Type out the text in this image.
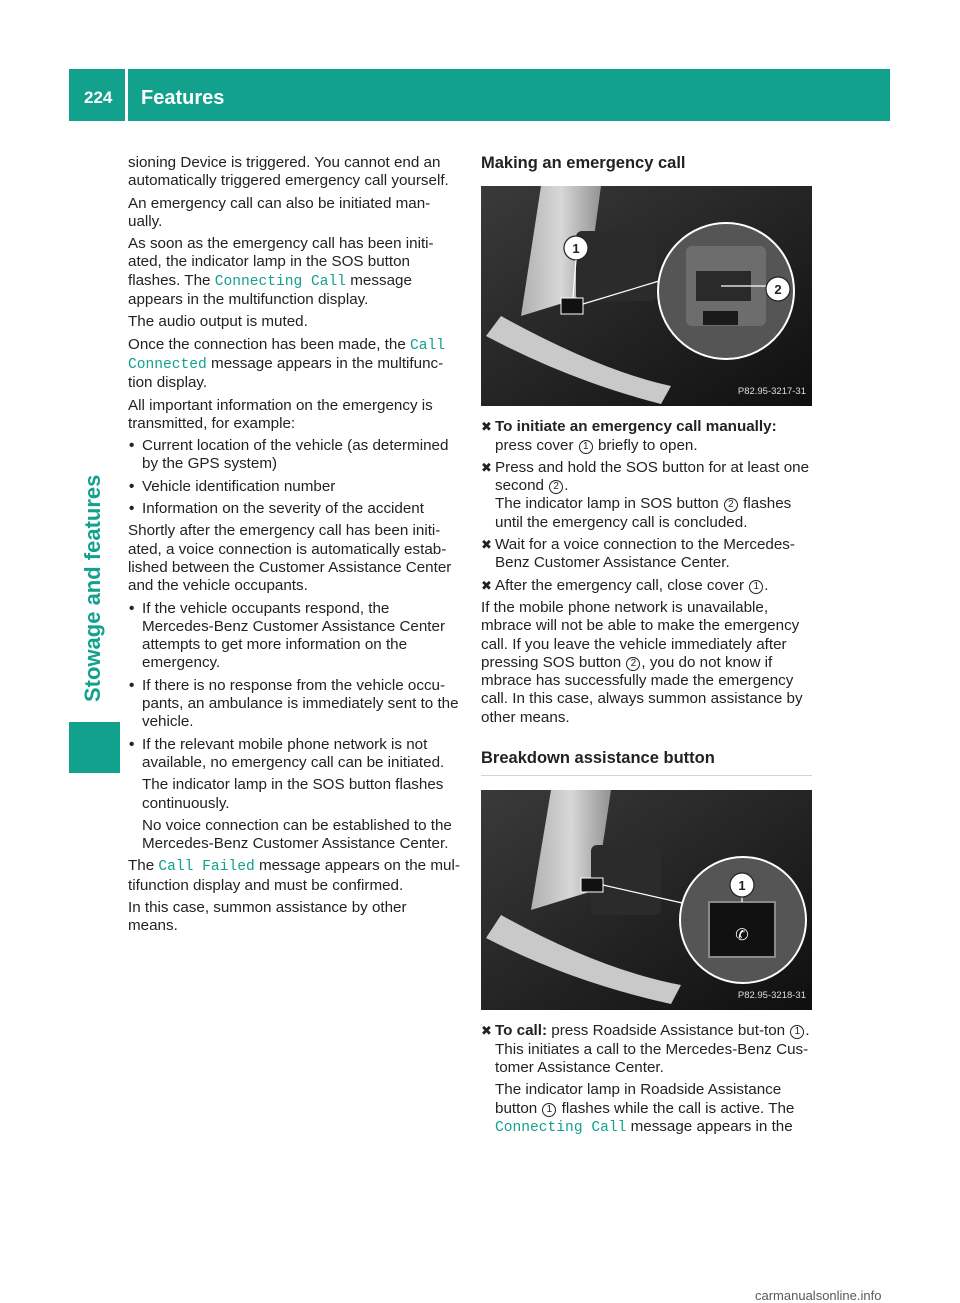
224 Features
Stowage and features

sioning Device is triggered. You cannot end an automatically triggered emergency call yourself.

An emergency call can also be initiated man-ually.

As soon as the emergency call has been initi-ated, the indicator lamp in the SOS button flashes. The Connecting Call message appears in the multifunction display.

The audio output is muted.

Once the connection has been made, the Call Connected message appears in the multifunc-tion display.

All important information on the emergency is transmitted, for example:

• Current location of the vehicle (as determined by the GPS system)
• Vehicle identification number
• Information on the severity of the accident

Shortly after the emergency call has been initi-ated, a voice connection is automatically estab-lished between the Customer Assistance Center and the vehicle occupants.

• If the vehicle occupants respond, the Mercedes-Benz Customer Assistance Center attempts to get more information on the emergency.
• If there is no response from the vehicle occu-pants, an ambulance is immediately sent to the vehicle.
• If the relevant mobile phone network is not available, no emergency call can be initiated.
The indicator lamp in the SOS button flashes continuously.
No voice connection can be established to the Mercedes-Benz Customer Assistance Center.

The Call Failed message appears on the mul-tifunction display and must be confirmed.

In this case, summon assistance by other means.

Making an emergency call
1
2
P82.95-3217-31
✖ To initiate an emergency call manually:
press cover 1 briefly to open.
✖ Press and hold the SOS button for at least one second 2 .
The indicator lamp in SOS button 2 flashes until the emergency call is concluded.
✖ Wait for a voice connection to the Mercedes-Benz Customer Assistance Center.
✖ After the emergency call, close cover 1 .

If the mobile phone network is unavailable, mbrace will not be able to make the emergency call. If you leave the vehicle immediately after pressing SOS button 2 , you do not know if mbrace has successfully made the emergency call. In this case, always summon assistance by other means.

Breakdown assistance button
✆
1
P82.95-3218-31
✖ To call: press Roadside Assistance but-ton 1 .
This initiates a call to the Mercedes-Benz Cus-tomer Assistance Center.
The indicator lamp in Roadside Assistance button 1 flashes while the call is active. The Connecting Call message appears in the
carmanualsonline.info
